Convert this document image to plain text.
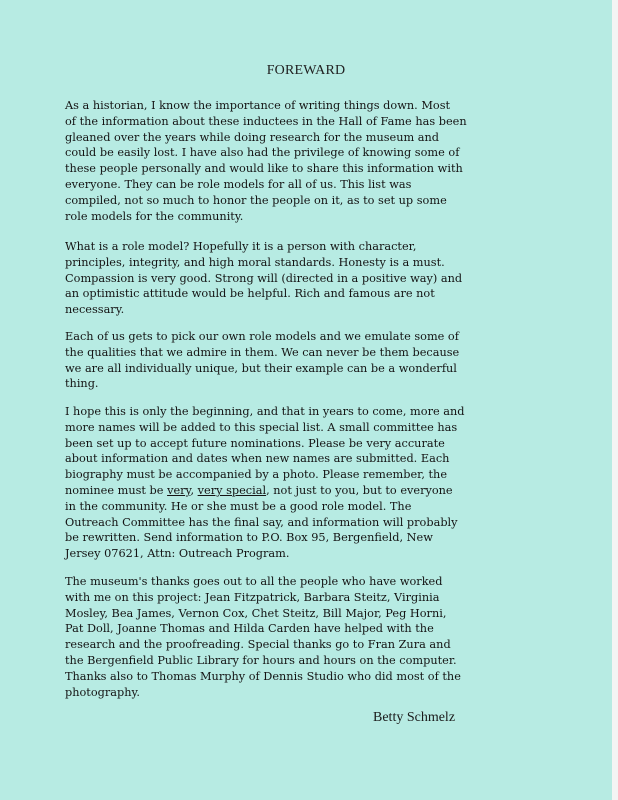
FOREWARD
As a historian, I know the importance of writing things down. Most
of the information about these inductees in the Hall of Fame has been
gleaned over the years while doing research for the museum and
could be easily lost. I have also had the privilege of knowing some of
these people personally and would like to share this information with
everyone. They can be role models for all of us. This list was
compiled, not so much to honor the people on it, as to set up some
role models for the community.
What is a role model? Hopefully it is a person with character,
principles, integrity, and high moral standards. Honesty is a must.
Compassion is very good. Strong will (directed in a positive way) and
an optimistic attitude would be helpful. Rich and famous are not
necessary.
Each of us gets to pick our own role models and we emulate some of
the qualities that we admire in them. We can never be them because
we are all individually unique, but their example can be a wonderful
thing.
I hope this is only the beginning, and that in years to come, more and
more names will be added to this special list. A small committee has
been set up to accept future nominations. Please be very accurate
about information and dates when new names are submitted. Each
biography must be accompanied by a photo. Please remember, the
nominee must be very, very special, not just to you, but to everyone
in the community. He or she must be a good role model. The
Outreach Committee has the final say, and information will probably
be rewritten. Send information to P.O. Box 95, Bergenfield, New
Jersey 07621, Attn: Outreach Program.
The museum's thanks goes out to all the people who have worked
with me on this project: Jean Fitzpatrick, Barbara Steitz, Virginia
Mosley, Bea James, Vernon Cox, Chet Steitz, Bill Major, Peg Horni,
Pat Doll, Joanne Thomas and Hilda Carden have helped with the
research and the proofreading. Special thanks go to Fran Zura and
the Bergenfield Public Library for hours and hours on the computer.
Thanks also to Thomas Murphy of Dennis Studio who did most of the
photography.
Betty Schmelz
